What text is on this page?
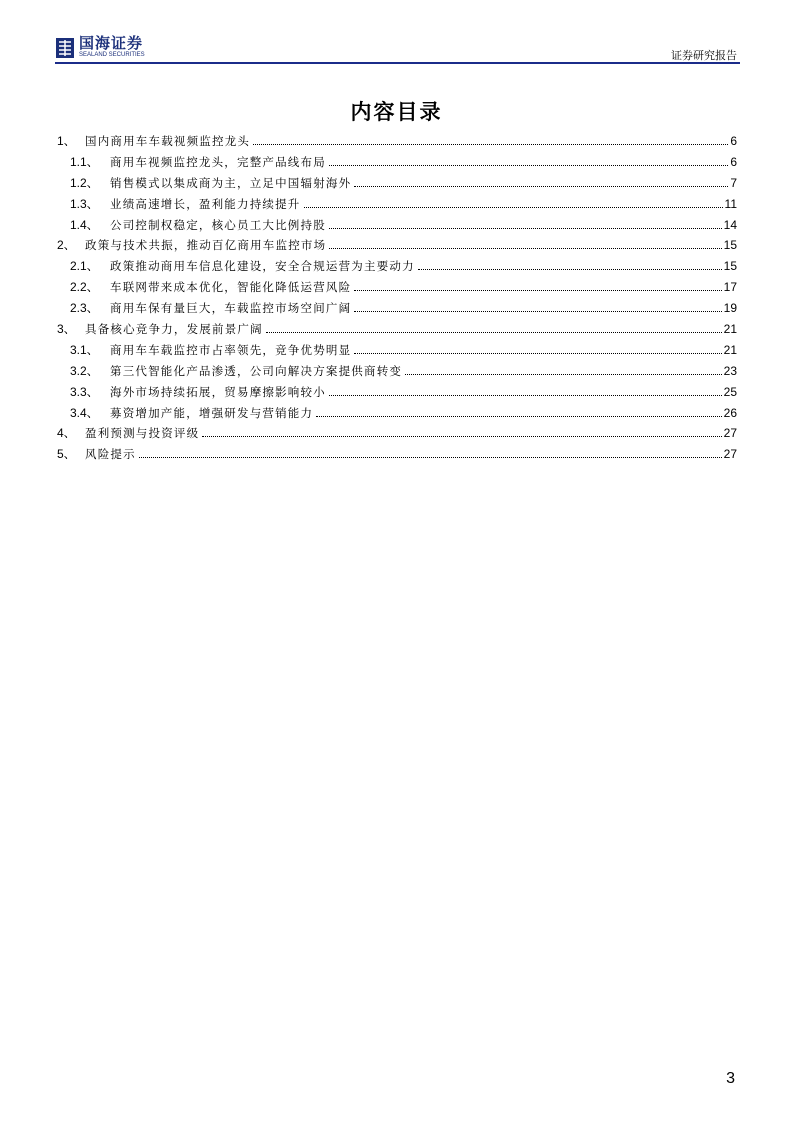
国海证券
SEALAND SECURITIES	证券研究报告
内容目录
1、 国内商用车车载视频监控龙头	6
1.1、 商用车视频监控龙头，完整产品线布局	6
1.2、 销售模式以集成商为主，立足中国辐射海外	7
1.3、 业绩高速增长，盈利能力持续提升	11
1.4、 公司控制权稳定，核心员工大比例持股	14
2、 政策与技术共振，推动百亿商用车监控市场	15
2.1、 政策推动商用车信息化建设，安全合规运营为主要动力	15
2.2、 车联网带来成本优化，智能化降低运营风险	17
2.3、 商用车保有量巨大，车载监控市场空间广阔	19
3、 具备核心竞争力，发展前景广阔	21
3.1、 商用车车载监控市占率领先，竞争优势明显	21
3.2、 第三代智能化产品渗透，公司向解决方案提供商转变	23
3.3、 海外市场持续拓展，贸易摩擦影响较小	25
3.4、 募资增加产能，增强研发与营销能力	26
4、 盈利预测与投资评级	27
5、 风险提示	27
3
